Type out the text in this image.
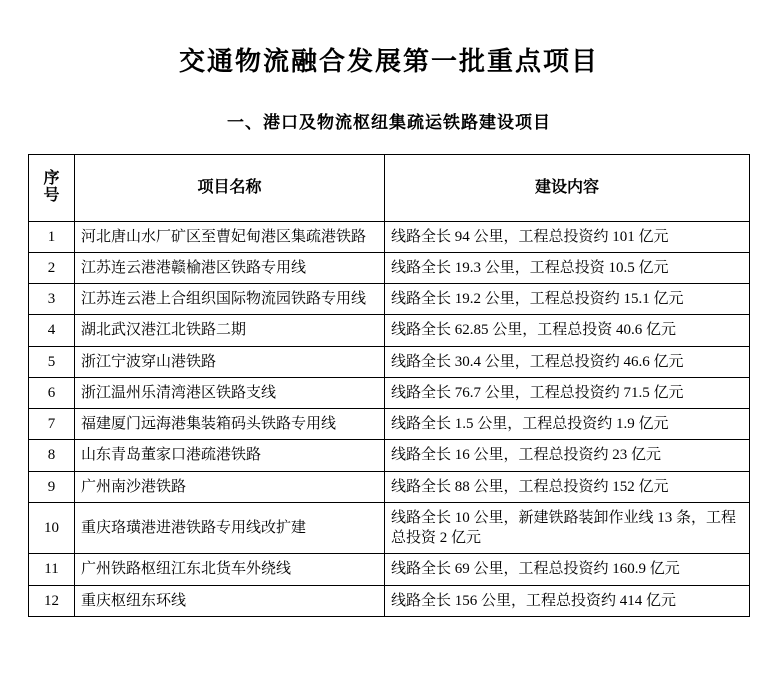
交通物流融合发展第一批重点项目
一、港口及物流枢纽集疏运铁路建设项目
序
号	项目名称	建设内容
1	河北唐山水厂矿区至曹妃甸港区集疏港铁路	线路全长 94 公里，工程总投资约 101 亿元
2	江苏连云港港赣榆港区铁路专用线	线路全长 19.3 公里，工程总投资 10.5 亿元
3	江苏连云港上合组织国际物流园铁路专用线	线路全长 19.2 公里，工程总投资约 15.1 亿元
4	湖北武汉港江北铁路二期	线路全长 62.85 公里，工程总投资 40.6 亿元
5	浙江宁波穿山港铁路	线路全长 30.4 公里，工程总投资约 46.6 亿元
6	浙江温州乐清湾港区铁路支线	线路全长 76.7 公里，工程总投资约 71.5 亿元
7	福建厦门远海港集装箱码头铁路专用线	线路全长 1.5 公里，工程总投资约 1.9 亿元
8	山东青岛董家口港疏港铁路	线路全长 16 公里，工程总投资约 23 亿元
9	广州南沙港铁路	线路全长 88 公里，工程总投资约 152 亿元
10	重庆珞璜港进港铁路专用线改扩建	线路全长 10 公里，新建铁路装卸作业线 13 条，工程总投资 2 亿元
11	广州铁路枢纽江东北货车外绕线	线路全长 69 公里，工程总投资约 160.9 亿元
12	重庆枢纽东环线	线路全长 156 公里，工程总投资约 414 亿元
